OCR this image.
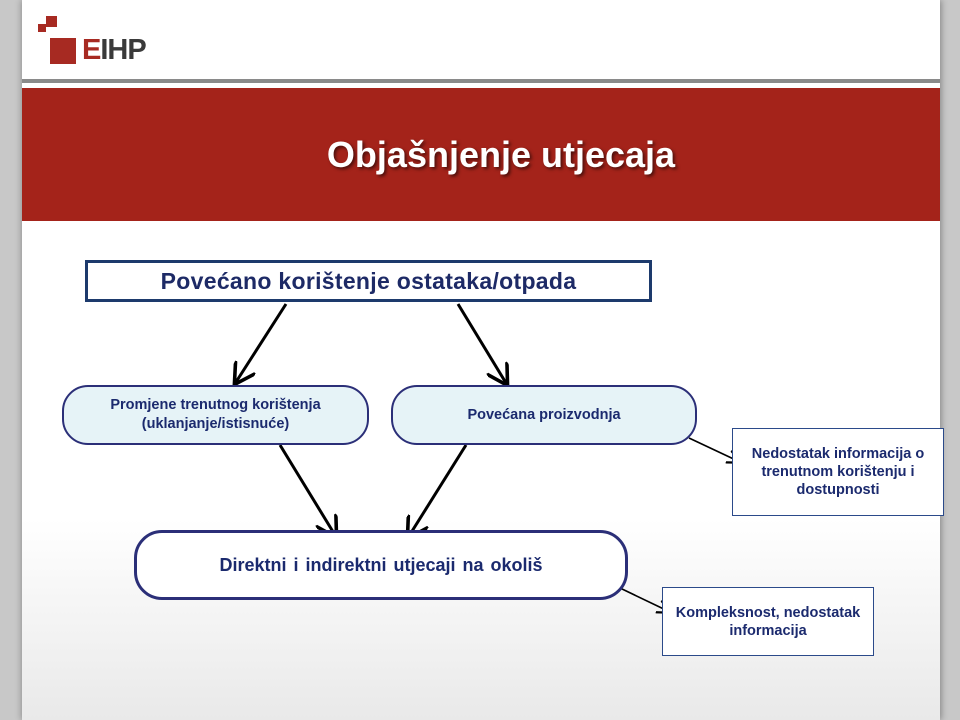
EIHP
Objašnjenje utjecaja
Povećano korištenje ostataka/otpada
Promjene trenutnog korištenja (uklanjanje/istisnuće)
Povećana proizvodnja
Direktni i indirektni utjecaji na okoliš
Nedostatak informacija o trenutnom korištenju i dostupnosti
Kompleksnost, nedostatak informacija
